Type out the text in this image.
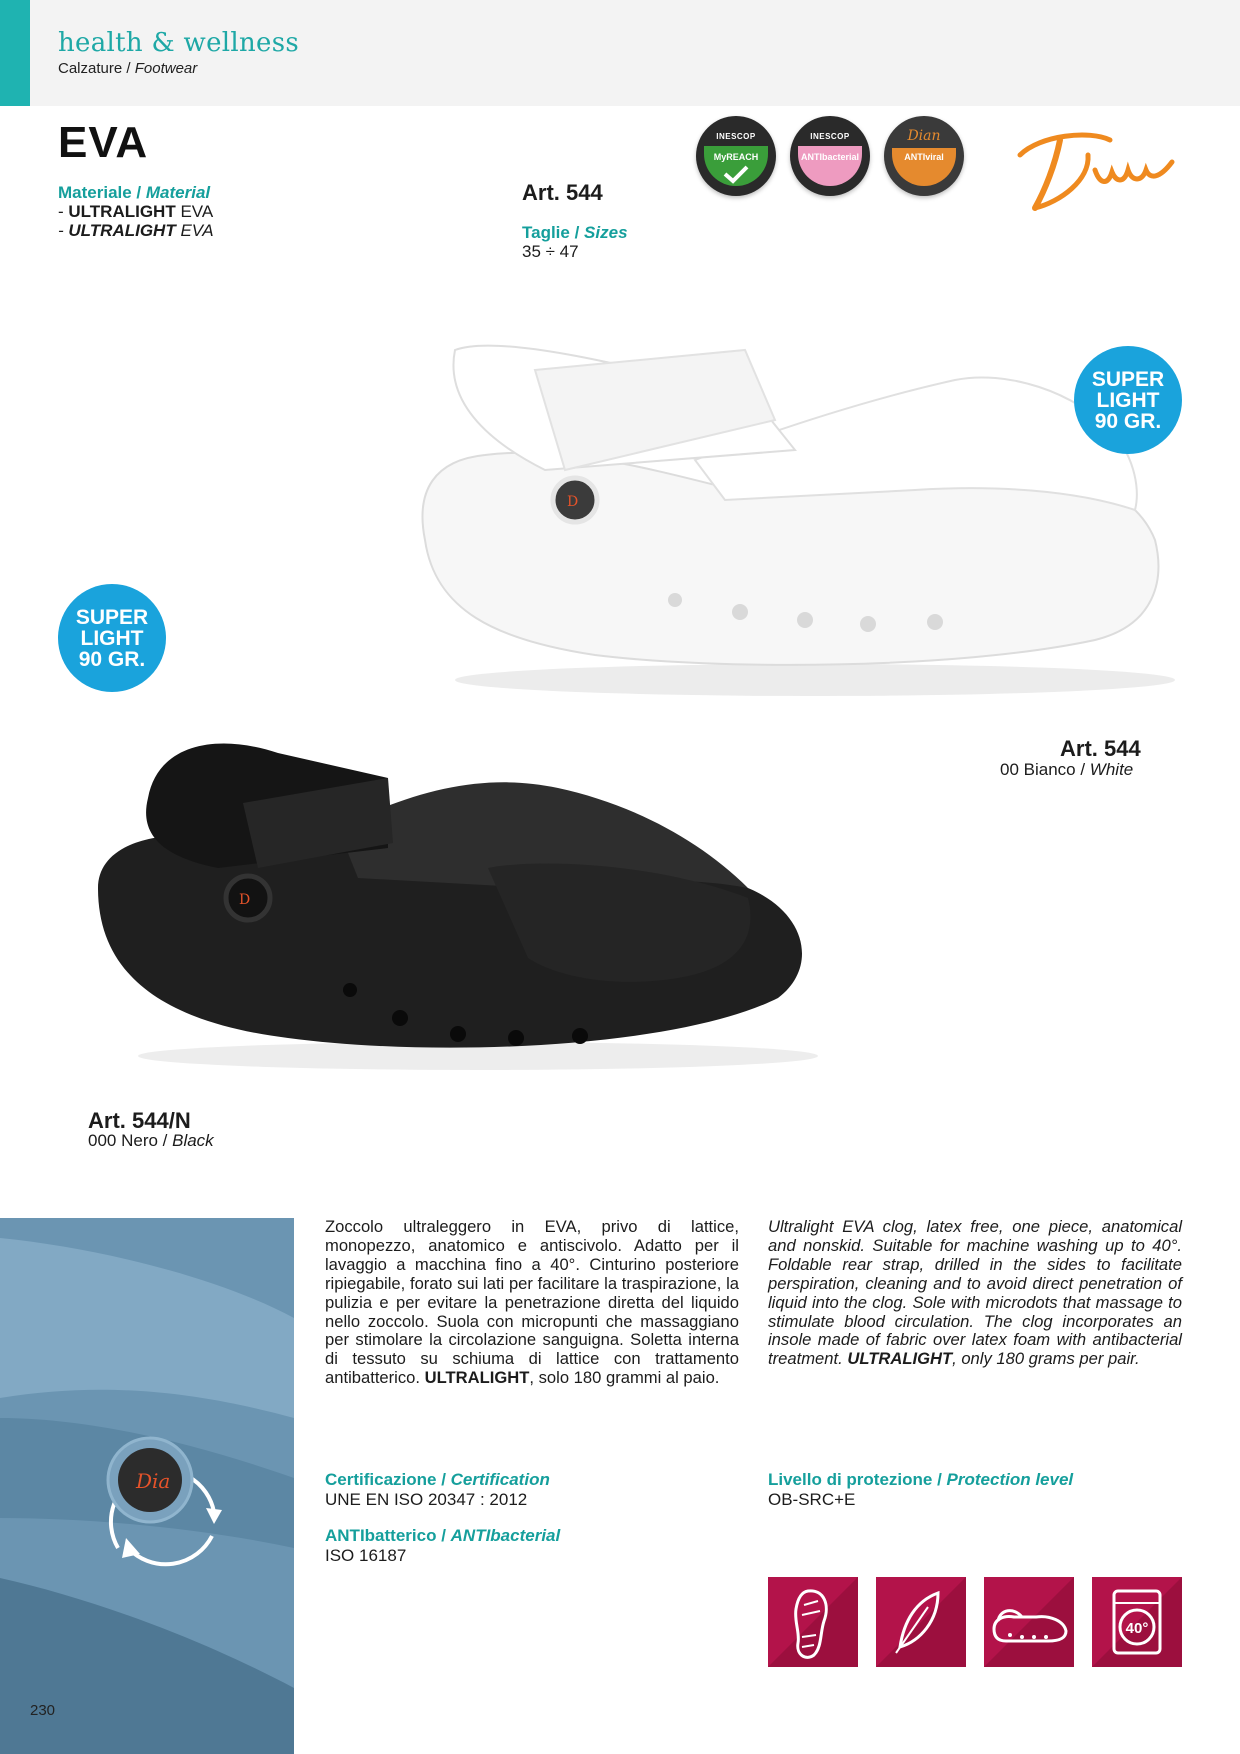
health & wellness
Calzature / Footwear
EVA
Materiale / Material
- ULTRALIGHT EVA
- ULTRALIGHT EVA
Art. 544
Taglie / Sizes
35 ÷ 47
INESCOP
MyREACH
INESCOP
ANTIbacterial
Dian
ANTIviral
D
SUPER
LIGHT
90 GR.
SUPER
LIGHT
90 GR.
Art. 544
00 Bianco / White
D
Art. 544/N
000 Nero / Black
Dia
Zoccolo ultraleggero in EVA, privo di lattice, monopezzo, anatomico e antiscivolo. Adatto per il lavaggio a macchina fino a 40°. Cinturino posteriore ripiegabile, forato sui lati per facilitare la traspirazione, la pulizia e per evitare la penetrazione diretta del liquido nello zoccolo. Suola con micropunti che massaggiano per stimolare la circolazione sanguigna. Soletta interna di tessuto su schiuma di lattice con trattamento antibatterico. ULTRALIGHT, solo 180 grammi al paio.
Ultralight EVA clog, latex free, one piece, anatomical and nonskid. Suitable for machine washing up to 40°. Foldable rear strap, drilled in the sides to facilitate perspiration, cleaning and to avoid direct penetration of liquid into the clog. Sole with microdots that massage to stimulate blood circulation. The clog incorporates an insole made of fabric over latex foam with antibacterial treatment. ULTRALIGHT, only 180 grams per pair.
Certificazione / Certification
UNE EN ISO 20347 : 2012
ANTIbatterico / ANTIbacterial
ISO 16187
Livello di protezione / Protection level
OB-SRC+E
40°
230
